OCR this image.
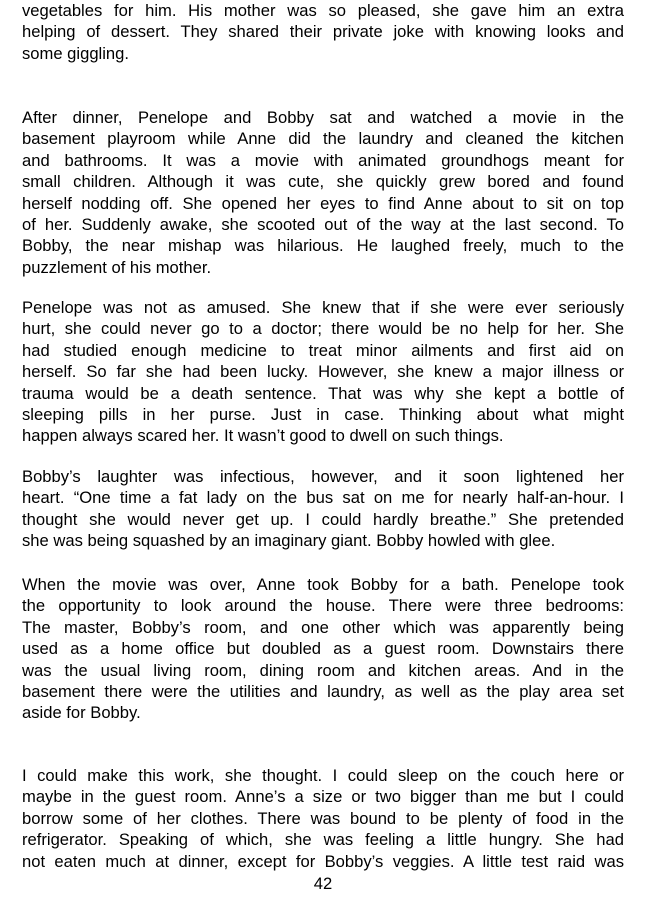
vegetables for him. His mother was so pleased, she gave him an extra
helping of dessert. They shared their private joke with knowing looks and
some giggling.
After dinner, Penelope and Bobby sat and watched a movie in the
basement playroom while Anne did the laundry and cleaned the kitchen
and bathrooms. It was a movie with animated groundhogs meant for
small children. Although it was cute, she quickly grew bored and found
herself nodding off. She opened her eyes to find Anne about to sit on top
of her. Suddenly awake, she scooted out of the way at the last second. To
Bobby, the near mishap was hilarious. He laughed freely, much to the
puzzlement of his mother.
Penelope was not as amused. She knew that if she were ever seriously
hurt, she could never go to a doctor; there would be no help for her. She
had studied enough medicine to treat minor ailments and first aid on
herself. So far she had been lucky. However, she knew a major illness or
trauma would be a death sentence. That was why she kept a bottle of
sleeping pills in her purse. Just in case. Thinking about what might
happen always scared her. It wasn’t good to dwell on such things.
Bobby’s laughter was infectious, however, and it soon lightened her
heart. “One time a fat lady on the bus sat on me for nearly half-an-hour. I
thought she would never get up. I could hardly breathe.” She pretended
she was being squashed by an imaginary giant. Bobby howled with glee.
When the movie was over, Anne took Bobby for a bath. Penelope took
the opportunity to look around the house. There were three bedrooms:
The master, Bobby’s room, and one other which was apparently being
used as a home office but doubled as a guest room. Downstairs there
was the usual living room, dining room and kitchen areas. And in the
basement there were the utilities and laundry, as well as the play area set
aside for Bobby.
I could make this work, she thought. I could sleep on the couch here or
maybe in the guest room. Anne’s a size or two bigger than me but I could
borrow some of her clothes. There was bound to be plenty of food in the
refrigerator. Speaking of which, she was feeling a little hungry. She had
not eaten much at dinner, except for Bobby’s veggies. A little test raid was
42
